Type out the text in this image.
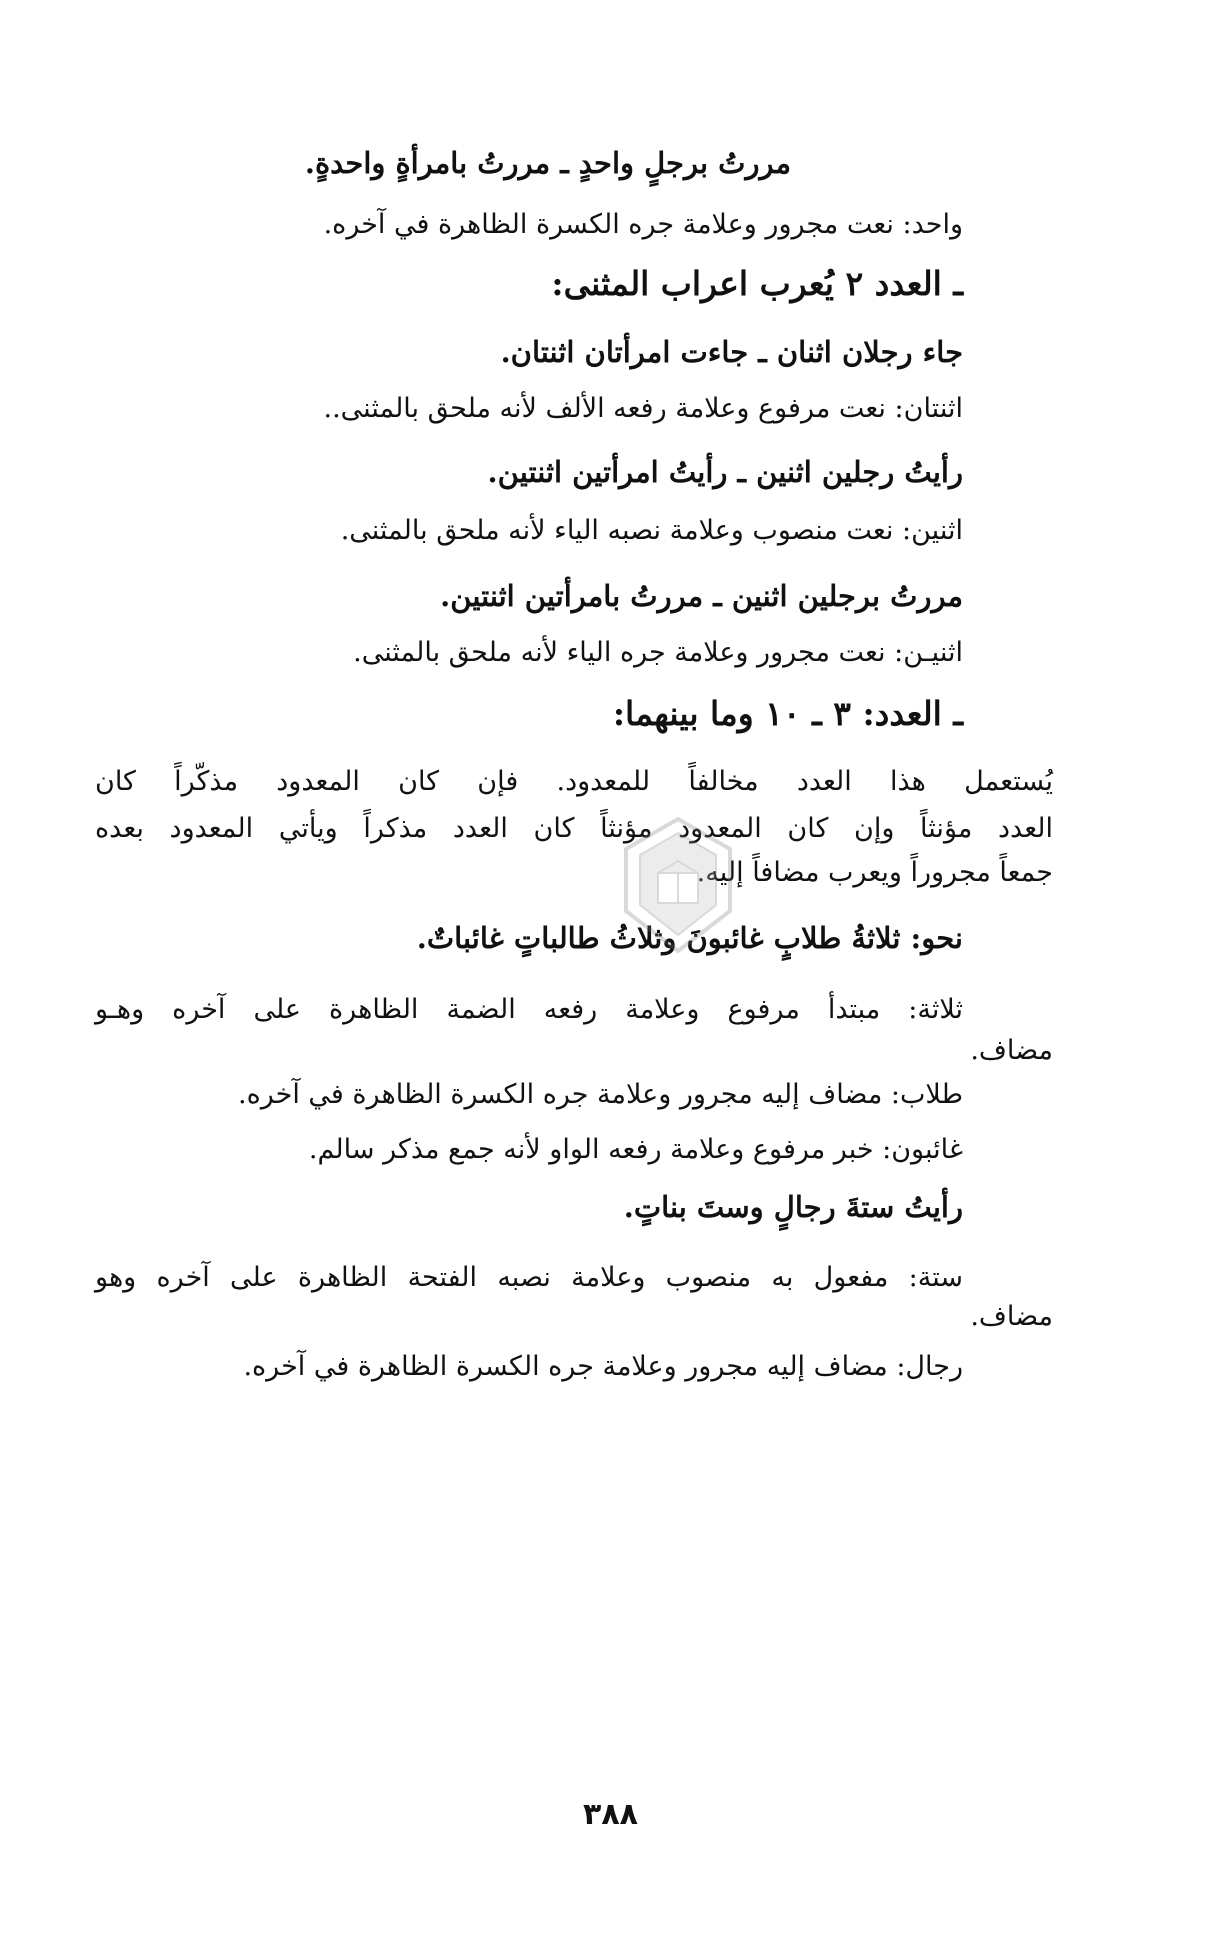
مررتُ برجلٍ واحدٍ ـ مررتُ بامرأةٍ واحدةٍ.
واحد: نعت مجرور وعلامة جره الكسرة الظاهرة في آخره.
ـ العدد ٢ يُعرب اعراب المثنى:
جاء رجلان اثنان ـ جاءت امرأتان اثنتان.
اثنتان: نعت مرفوع وعلامة رفعه الألف لأنه ملحق بالمثنى..
رأيتُ رجلين اثنين ـ رأيتُ امرأتين اثنتين.
اثنين: نعت منصوب وعلامة نصبه الياء لأنه ملحق بالمثنى.
مررتُ برجلين اثنين ـ مررتُ بامرأتين اثنتين.
اثنيـن: نعت مجرور وعلامة جره الياء لأنه ملحق بالمثنى.
ـ العدد: ٣ ـ ١٠ وما بينهما:
يُستعمل هذا العدد مخالفاً للمعدود. فإن كان المعدود مذكّراً كان
العدد مؤنثاً وإن كان المعدود مؤنثاً كان العدد مذكراً ويأتي المعدود بعده
جمعاً مجروراً ويعرب مضافاً إليه.
نحو: ثلاثةُ طلابٍ غائبونَ وثلاثُ طالباتٍ غائباتٌ.
ثلاثة: مبتدأ مرفوع وعلامة رفعه الضمة الظاهرة على آخره وهـو
مضاف.
طلاب: مضاف إليه مجرور وعلامة جره الكسرة الظاهرة في آخره.
غائبون: خبر مرفوع وعلامة رفعه الواو لأنه جمع مذكر سالم.
رأيتُ ستةَ رجالٍ وستَ بناتٍ.
ستة: مفعول به منصوب وعلامة نصبه الفتحة الظاهرة على آخره وهو
مضاف.
رجال: مضاف إليه مجرور وعلامة جره الكسرة الظاهرة في آخره.
٣٨٨
